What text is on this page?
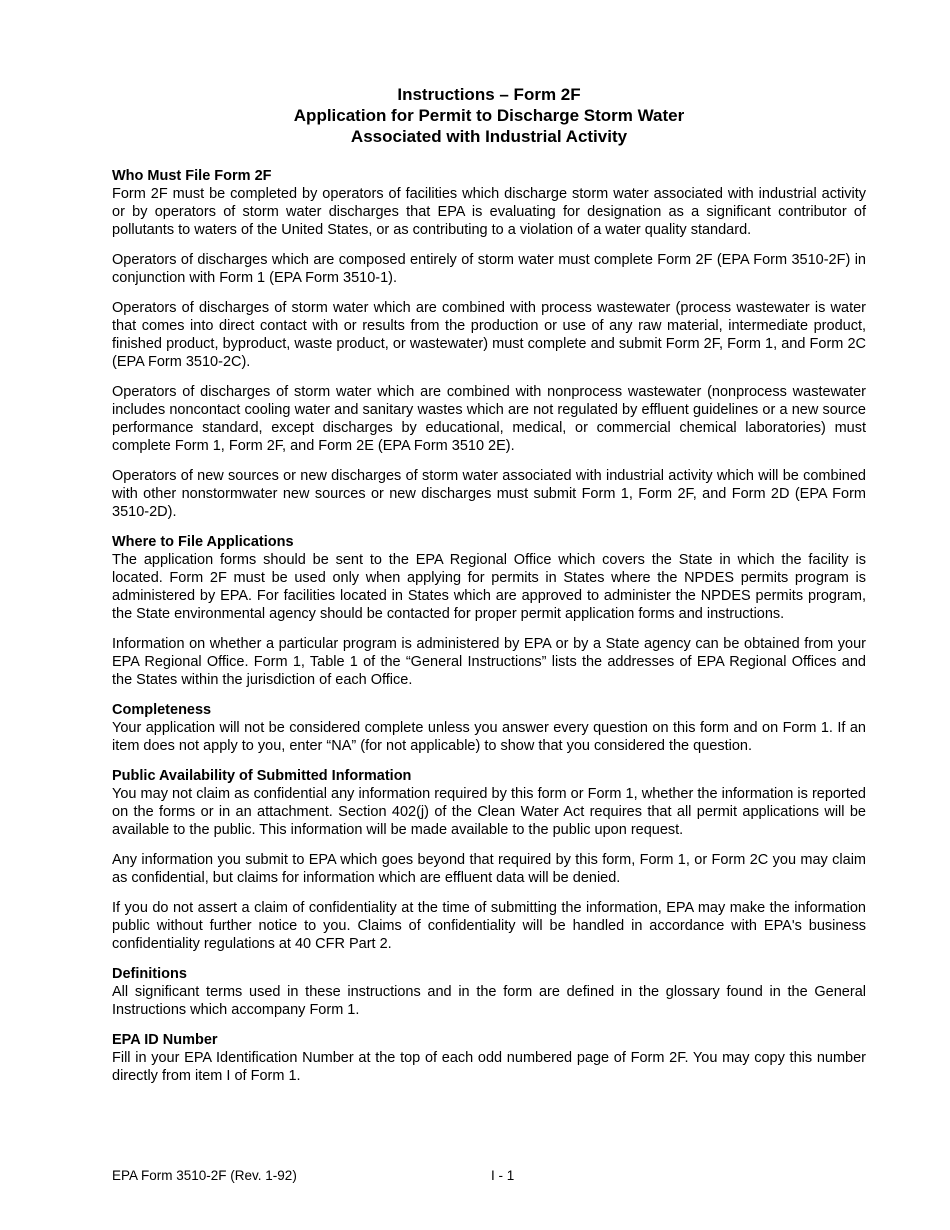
Instructions – Form 2F
Application for Permit to Discharge Storm Water
Associated with Industrial Activity
Who Must File Form 2F

Form 2F must be completed by operators of facilities which discharge storm water associated with industrial activity or by operators of storm water discharges that EPA is evaluating for designation as a significant contributor of pollutants to waters of the United States, or as contributing to a violation of a water quality standard.

Operators of discharges which are composed entirely of storm water must complete Form 2F (EPA Form 3510-2F) in conjunction with Form 1 (EPA Form 3510-1).

Operators of discharges of storm water which are combined with process wastewater (process wastewater is water that comes into direct contact with or results from the production or use of any raw material, intermediate product, finished product, byproduct, waste product, or wastewater) must complete and submit Form 2F, Form 1, and Form 2C (EPA Form 3510-2C).

Operators of discharges of storm water which are combined with nonprocess wastewater (nonprocess wastewater includes noncontact cooling water and sanitary wastes which are not regulated by effluent guidelines or a new source performance standard, except discharges by educational, medical, or commercial chemical laboratories) must complete Form 1, Form 2F, and Form 2E (EPA Form 3510 2E).

Operators of new sources or new discharges of storm water associated with industrial activity which will be combined with other nonstormwater new sources or new discharges must submit Form 1, Form 2F, and Form 2D (EPA Form 3510-2D).

Where to File Applications

The application forms should be sent to the EPA Regional Office which covers the State in which the facility is located. Form 2F must be used only when applying for permits in States where the NPDES permits program is administered by EPA. For facilities located in States which are approved to administer the NPDES permits program, the State environmental agency should be contacted for proper permit application forms and instructions.

Information on whether a particular program is administered by EPA or by a State agency can be obtained from your EPA Regional Office. Form 1, Table 1 of the “General Instructions” lists the addresses of EPA Regional Offices and the States within the jurisdiction of each Office.

Completeness

Your application will not be considered complete unless you answer every question on this form and on Form 1. If an item does not apply to you, enter “NA” (for not applicable) to show that you considered the question.

Public Availability of Submitted Information

You may not claim as confidential any information required by this form or Form 1, whether the information is reported on the forms or in an attachment. Section 402(j) of the Clean Water Act requires that all permit applications will be available to the public. This information will be made available to the public upon request.

Any information you submit to EPA which goes beyond that required by this form, Form 1, or Form 2C you may claim as confidential, but claims for information which are effluent data will be denied.

If you do not assert a claim of confidentiality at the time of submitting the information, EPA may make the information public without further notice to you. Claims of confidentiality will be handled in accordance with EPA's business confidentiality regulations at 40 CFR Part 2.

Definitions

All significant terms used in these instructions and in the form are defined in the glossary found in the General Instructions which accompany Form 1.

EPA ID Number

Fill in your EPA Identification Number at the top of each odd numbered page of Form 2F. You may copy this number directly from item I of Form 1.

EPA Form 3510-2F (Rev. 1-92)	I - 1
